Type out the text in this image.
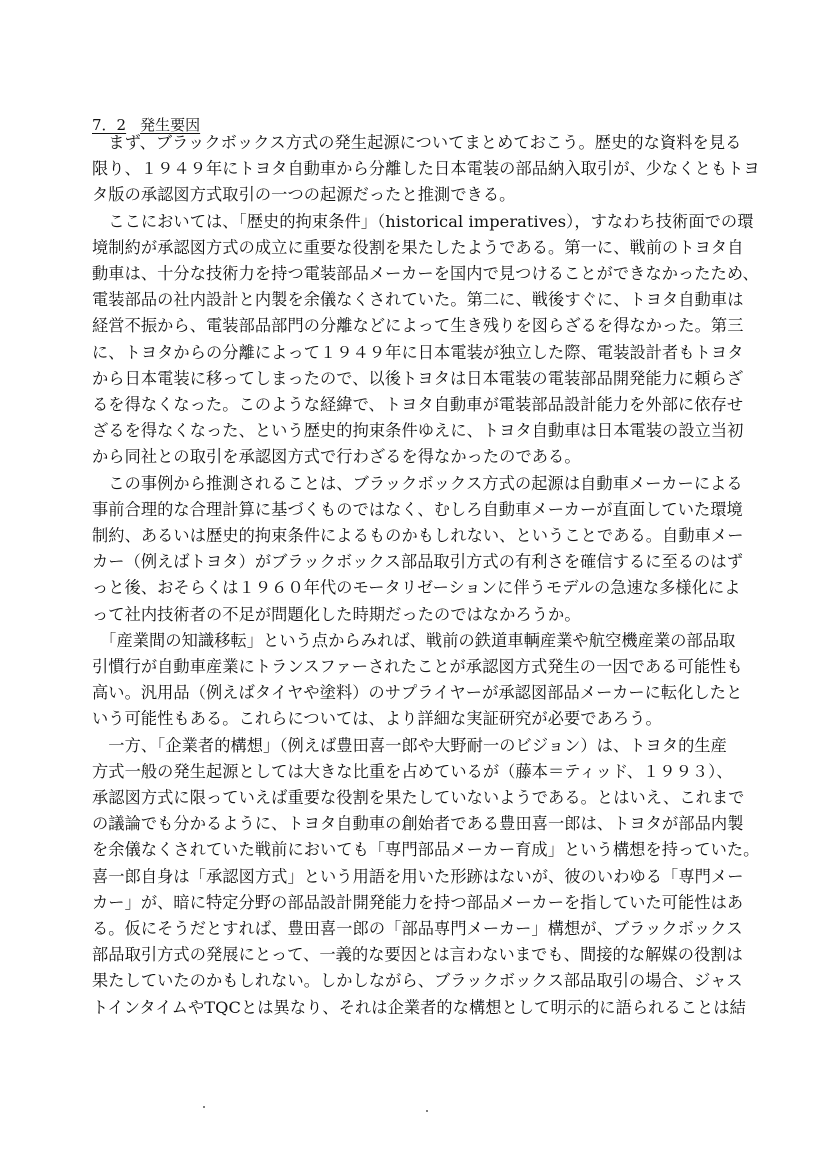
7．2 発生要因
　まず、ブラックボックス方式の発生起源についてまとめておこう。歴史的な資料を見る
限り、１９４９年にトヨタ自動車から分離した日本電装の部品納入取引が、少なくともトヨ
タ版の承認図方式取引の一つの起源だったと推測できる。
　ここにおいては、「歴史的拘束条件」（historical imperatives），すなわち技術面での環
境制約が承認図方式の成立に重要な役割を果たしたようである。第一に、戦前のトヨタ自
動車は、十分な技術力を持つ電装部品メーカーを国内で見つけることができなかったため、
電装部品の社内設計と内製を余儀なくされていた。第二に、戦後すぐに、トヨタ自動車は
経営不振から、電装部品部門の分離などによって生き残りを図らざるを得なかった。第三
に、トヨタからの分離によって１９４９年に日本電装が独立した際、電装設計者もトヨタ
から日本電装に移ってしまったので、以後トヨタは日本電装の電装部品開発能力に頼らざ
るを得なくなった。このような経緯で、トヨタ自動車が電装部品設計能力を外部に依存せ
ざるを得なくなった、という歴史的拘束条件ゆえに、トヨタ自動車は日本電装の設立当初
から同社との取引を承認図方式で行わざるを得なかったのである。
　この事例から推測されることは、ブラックボックス方式の起源は自動車メーカーによる
事前合理的な合理計算に基づくものではなく、むしろ自動車メーカーが直面していた環境
制約、あるいは歴史的拘束条件によるものかもしれない、ということである。自動車メー
カー（例えばトヨタ）がブラックボックス部品取引方式の有利さを確信するに至るのはず
っと後、おそらくは１９６０年代のモータリゼーションに伴うモデルの急速な多様化によ
って社内技術者の不足が問題化した時期だったのではなかろうか。
　「産業間の知識移転」という点からみれば、戦前の鉄道車輌産業や航空機産業の部品取
引慣行が自動車産業にトランスファーされたことが承認図方式発生の一因である可能性も
高い。汎用品（例えばタイヤや塗料）のサプライヤーが承認図部品メーカーに転化したと
いう可能性もある。これらについては、より詳細な実証研究が必要であろう。
　一方、「企業者的構想」（例えば豊田喜一郎や大野耐一のビジョン）は、トヨタ的生産
方式一般の発生起源としては大きな比重を占めているが（藤本＝ティッド、１９９３）、
承認図方式に限っていえば重要な役割を果たしていないようである。とはいえ、これまで
の議論でも分かるように、トヨタ自動車の創始者である豊田喜一郎は、トヨタが部品内製
を余儀なくされていた戦前においても「専門部品メーカー育成」という構想を持っていた。
喜一郎自身は「承認図方式」という用語を用いた形跡はないが、彼のいわゆる「専門メー
カー」が、暗に特定分野の部品設計開発能力を持つ部品メーカーを指していた可能性はあ
る。仮にそうだとすれば、豊田喜一郎の「部品専門メーカー」構想が、ブラックボックス
部品取引方式の発展にとって、一義的な要因とは言わないまでも、間接的な解媒の役割は
果たしていたのかもしれない。しかしながら、ブラックボックス部品取引の場合、ジャス
トインタイムやTQCとは異なり、それは企業者的な構想として明示的に語られることは結
